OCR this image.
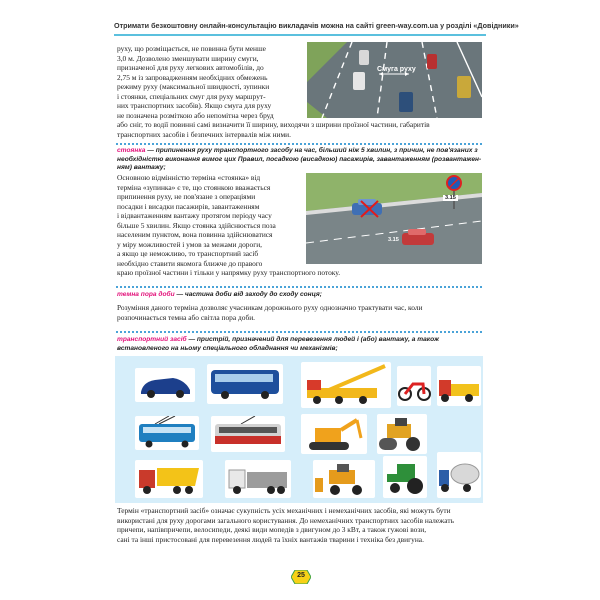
Отримати безкоштовну онлайн-консультацію викладачів можна на сайті green-way.com.ua у розділі «Довідники»
руху, що розміщається, не повинна бути менше
3,0 м. Дозволено зменшувати ширину смуги,
призначеної для руху легкових автомобілів, до
2,75 м із запровадженням необхідних обмежень
режиму руху (максимальної швидкості, зупинки
і стоянки, спеціальних смуг для руху маршрут-
них транспортних засобів). Якщо смуга для руху
не позначена розміткою або непомітна через бруд
або сніг, то водії повинні самі визначити її ширину, виходячи з ширини проїзної частини, габаритів
транспортних засобів і безпечних інтервалів між ними.
Смуга руху
стоянка — припинення руху транспортного засобу на час, більший ніж 5 хвилин, з причин, не пов'язаних з необхідністю виконання вимог цих Правил, посадкою (висадкою) пасажирів, завантаженням (розвантажен- ням) вантажу;
Основною відмінністю терміна «стоянка» від
терміна «зупинка» є те, що стоянкою вважається
припинення руху, не пов'язане з операціями
посадки і висадки пасажирів, завантаженням
і відвантаженням вантажу протягом періоду часу
більше 5 хвилин. Якщо стоянка здійснюється поза
населеним пунктом, вона повинна здійснюватися
у міру можливостей і умов за межами дороги,
а якщо це неможливо, то транспортний засіб
необхідно ставити якомога ближче до правого
краю проїзної частини і тільки у напрямку руху транспортного потоку.
3.15
3.15
темна пора доби — частина доби від заходу до сходу сонця;
Розуміння даного терміна дозволяє учасникам дорожнього руху однозначно трактувати час, коли
розпочинається темна або світла пора доби.
транспортний засіб — пристрій, призначений для перевезення людей і (або) вантажу, а також встановленого на ньому спеціального обладнання чи механізмів;
Термін «транспортний засіб» означає сукупність усіх механічних і немеханічних засобів, які можуть бути
використані для руху дорогами загального користування. До немеханічних транспортних засобів належать
причепи, напівпричепи, велосипеди, деякі види мопедів з двигуном до 3 кВт, а також гужові вози,
сані та інші пристосовані для перевезення людей та їхніх вантажів тварини і техніка без двигуна.
25
